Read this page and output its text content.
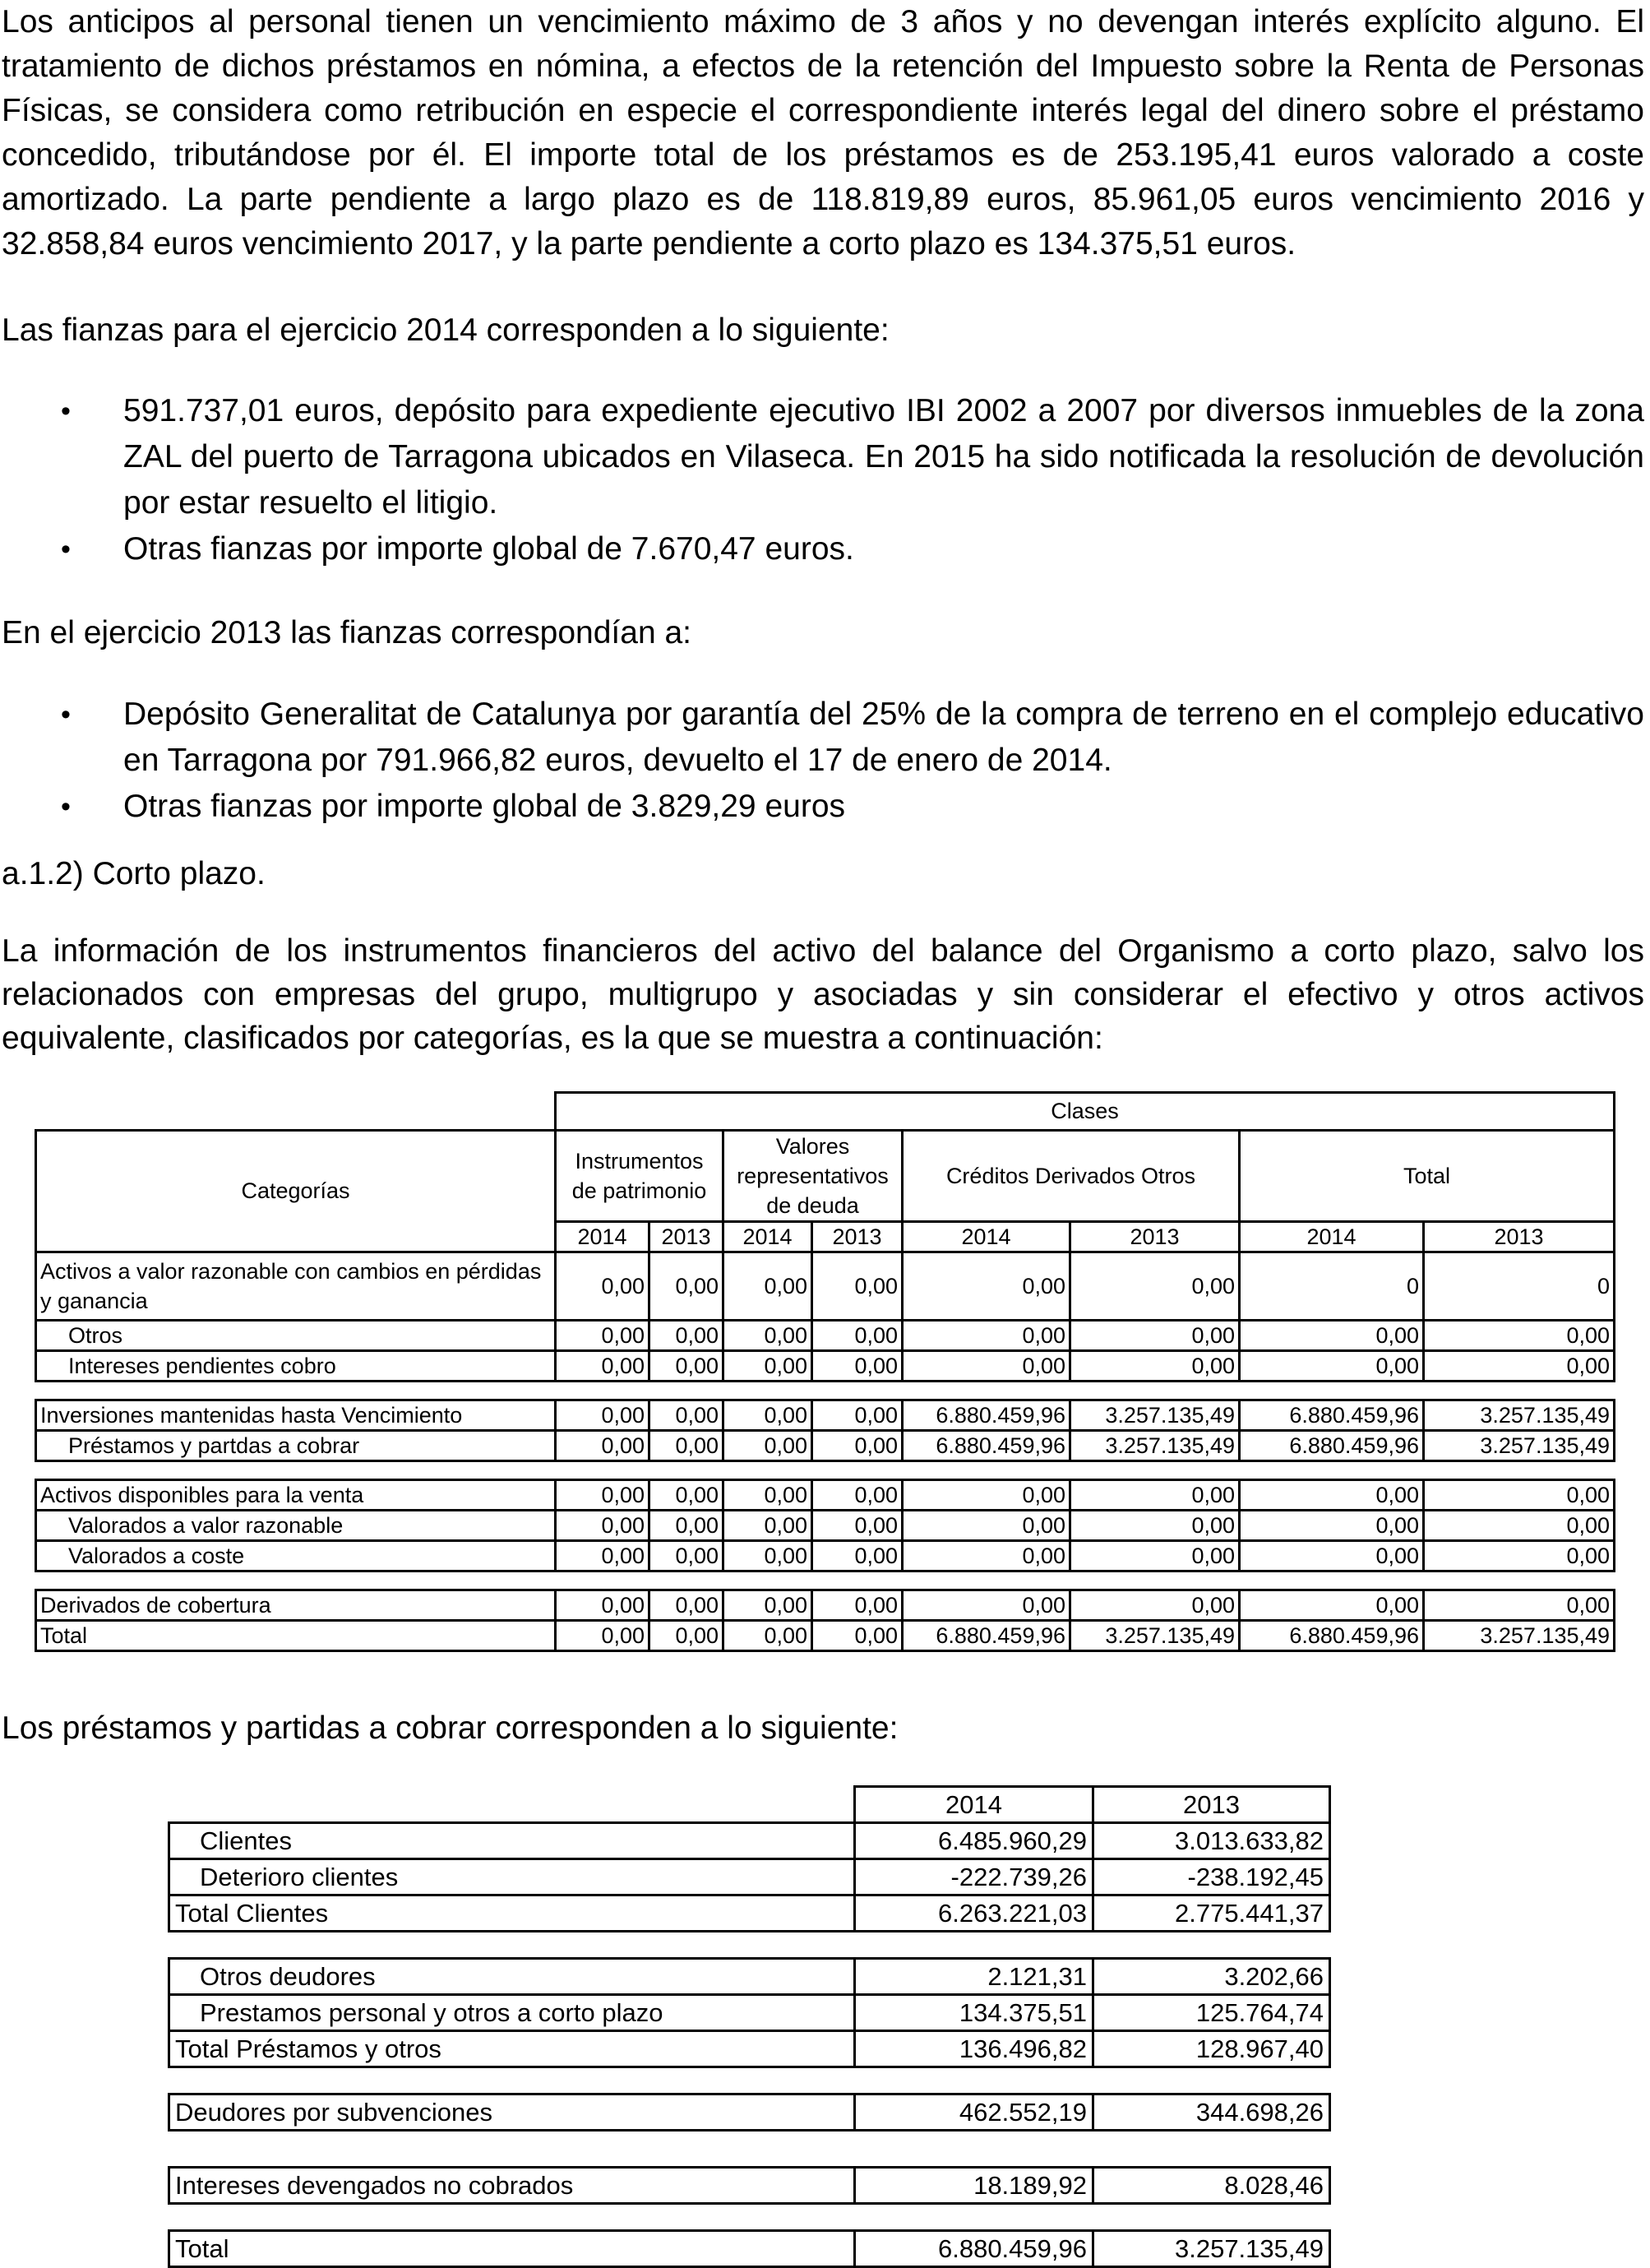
Los anticipos al personal tienen un vencimiento máximo de 3 años y no devengan interés explícito alguno. El tratamiento de dichos préstamos en nómina, a efectos de la retención del Impuesto sobre la Renta de Personas Físicas, se considera como retribución en especie el correspondiente interés legal del dinero sobre el préstamo concedido, tributándose por él. El importe total de los préstamos es de 253.195,41 euros valorado a coste amortizado. La parte pendiente a largo plazo es de 118.819,89 euros, 85.961,05 euros vencimiento 2016 y 32.858,84 euros vencimiento 2017, y la parte pendiente a corto plazo es 134.375,51 euros.

Las fianzas para el ejercicio 2014 corresponden a lo siguiente:

• 591.737,01 euros, depósito para expediente ejecutivo IBI 2002 a 2007 por diversos inmuebles de la zona ZAL del puerto de Tarragona ubicados en Vilaseca. En 2015 ha sido notificada la resolución de devolución por estar resuelto el litigio.
• Otras fianzas por importe global de 7.670,47 euros.

En el ejercicio 2013 las fianzas correspondían a:

• Depósito Generalitat de Catalunya por garantía del 25% de la compra de terreno en el complejo educativo en Tarragona por 791.966,82 euros, devuelto el 17 de enero de 2014.
• Otras fianzas por importe global de 3.829,29 euros

a.1.2) Corto plazo.

La información de los instrumentos financieros del activo del balance del Organismo a corto plazo, salvo los relacionados con empresas del grupo, multigrupo y asociadas y sin considerar el efectivo y otros activos equivalente, clasificados por categorías, es la que se muestra a continuación:

	Clases							
Categorías	Instrumentos de patrimonio		Valores representativos de deuda		Créditos Derivados Otros		Total	
	2014	2013	2014	2013	2014	2013	2014	2013
Activos a valor razonable con cambios en pérdidas y ganancia	0,00	0,00	0,00	0,00	0,00	0,00	0	0
Otros	0,00	0,00	0,00	0,00	0,00	0,00	0,00	0,00
Intereses pendientes cobro	0,00	0,00	0,00	0,00	0,00	0,00	0,00	0,00

Inversiones mantenidas hasta Vencimiento	0,00	0,00	0,00	0,00	6.880.459,96	3.257.135,49	6.880.459,96	3.257.135,49
Préstamos y partdas a cobrar	0,00	0,00	0,00	0,00	6.880.459,96	3.257.135,49	6.880.459,96	3.257.135,49

Activos disponibles para la venta	0,00	0,00	0,00	0,00	0,00	0,00	0,00	0,00
Valorados a valor razonable	0,00	0,00	0,00	0,00	0,00	0,00	0,00	0,00
Valorados a coste	0,00	0,00	0,00	0,00	0,00	0,00	0,00	0,00

Derivados de cobertura	0,00	0,00	0,00	0,00	0,00	0,00	0,00	0,00
Total	0,00	0,00	0,00	0,00	6.880.459,96	3.257.135,49	6.880.459,96	3.257.135,49

Los préstamos y partidas a cobrar corresponden a lo siguiente:

	2014	2013
Clientes	6.485.960,29	3.013.633,82
Deterioro clientes	-222.739,26	-238.192,45
Total Clientes	6.263.221,03	2.775.441,37

Otros deudores	2.121,31	3.202,66
Prestamos personal y otros a corto plazo	134.375,51	125.764,74
Total Préstamos y otros	136.496,82	128.967,40

Deudores por subvenciones	462.552,19	344.698,26

Intereses devengados no cobrados	18.189,92	8.028,46

Total	6.880.459,96	3.257.135,49
